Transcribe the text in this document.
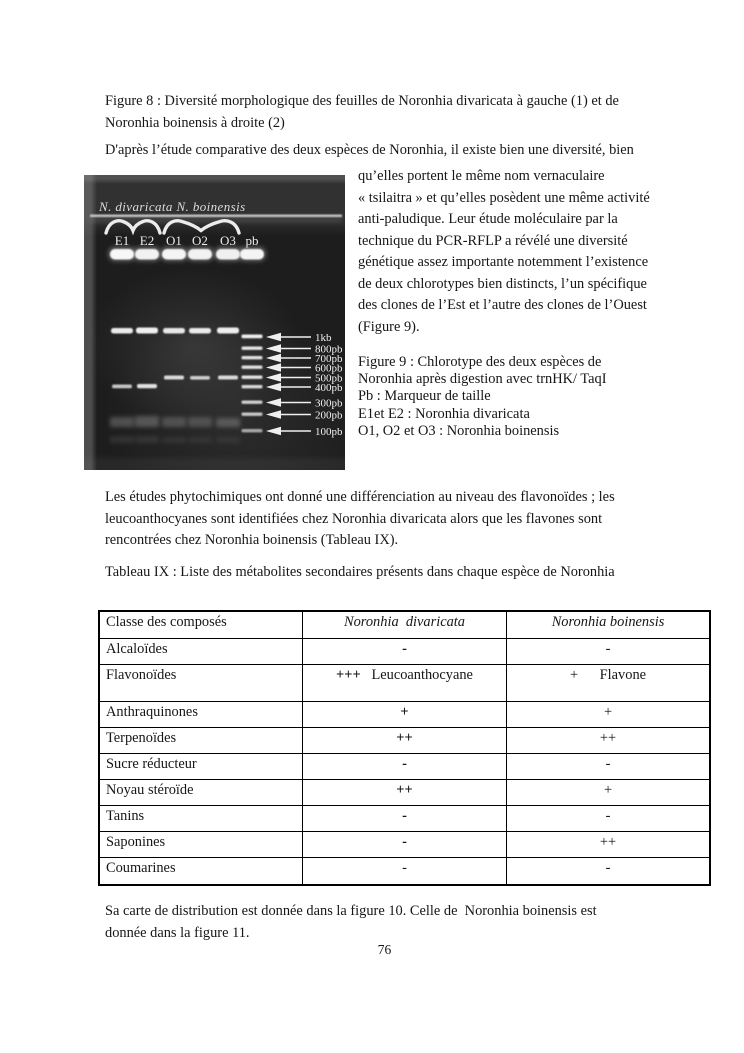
Figure 8 : Diversité morphologique des feuilles de Noronhia divaricata à gauche (1) et de
Noronhia boinensis à droite (2)
D'après l’étude comparative des deux espèces de Noronhia, il existe bien une diversité, bien
N. divaricata N. boinensis
E1 E2 O1 O2 O3 pb
1kb
800pb
700pb
600pb
500pb
400pb
300pb
200pb
100pb
qu’elles portent le même nom vernaculaire
« tsilaitra » et qu’elles posèdent une même activité
anti-paludique. Leur étude moléculaire par la
technique du PCR-RFLP a révélé une diversité
génétique assez importante notemment l’existence
de deux chlorotypes bien distincts, l’un spécifique
des clones de l’Est et l’autre des clones de l’Ouest
(Figure 9).
Figure 9 : Chlorotype des deux espèces de
Noronhia après digestion avec trnHK/ TaqI
Pb : Marqueur de taille
E1et E2 : Noronhia divaricata
O1, O2 et O3 : Noronhia boinensis
Les études phytochimiques ont donné une différenciation au niveau des flavonoïdes ; les
leucoanthocyanes sont identifiées chez Noronhia divaricata alors que les flavones sont
rencontrées chez Noronhia boinensis (Tableau IX).
Tableau IX : Liste des métabolites secondaires présents dans chaque espèce de Noronhia
Classe des composés	Noronhia  divaricata	Noronhia boinensis
Alcaloïdes	-	-
Flavonoïdes	+++   Leucoanthocyane	+      Flavone
Anthraquinones	+	+
Terpenoïdes	++	++
Sucre réducteur	-	-
Noyau stéroïde	++	+
Tanins	-	-
Saponines	-	++
Coumarines	-	-
Sa carte de distribution est donnée dans la figure 10. Celle de  Noronhia boinensis est
donnée dans la figure 11.
76
